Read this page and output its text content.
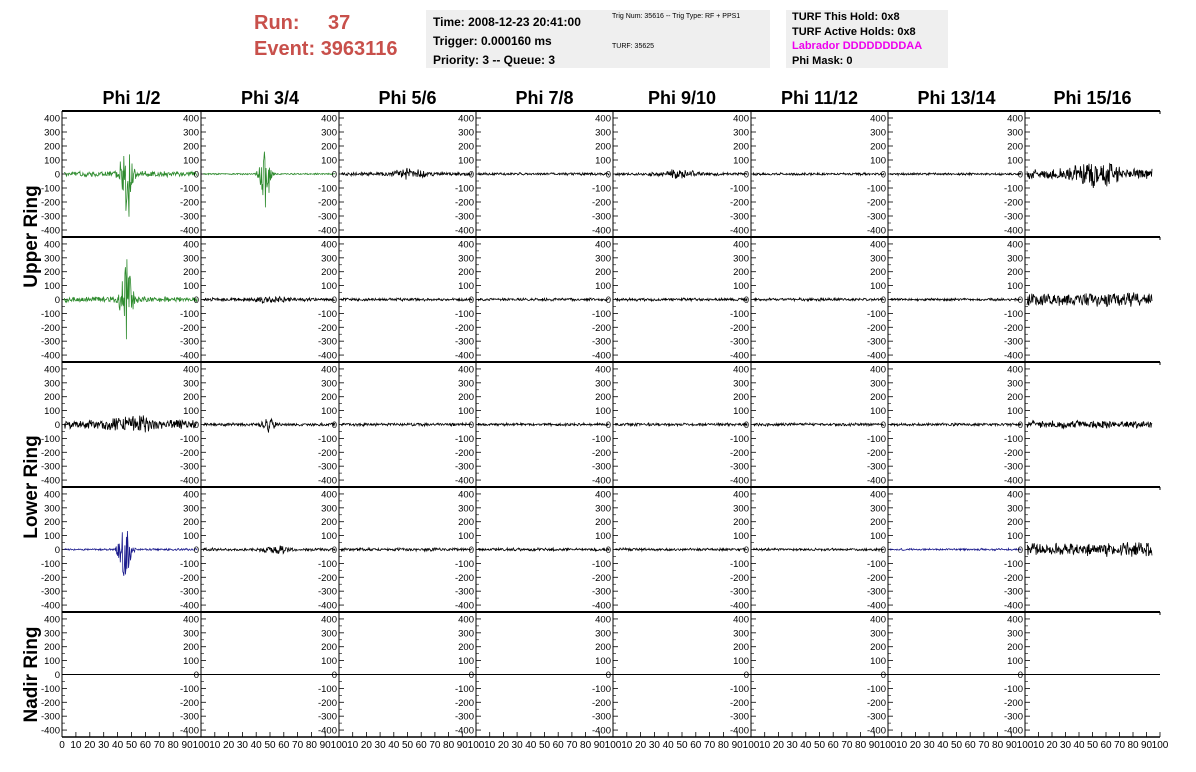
Run:	37
Event:
3963116
Time: 2008-12-23 20:41:00
Trigger: 0.000160 ms
Priority: 3 -- Queue: 3
Trig Num: 35616 -- Trig Type: RF + PPS1
TURF: 35625
TURF This Hold: 0x8
TURF Active Holds: 0x8
Labrador DDDDDDDDAA
Phi Mask: 0
Phi 1/2	Phi 3/4	Phi 5/6	Phi 7/8	Phi 9/10	Phi 11/12	Phi 13/14	Phi 15/16
Upper Ring
Lower Ring
Nadir Ring
-400
-300
-200
-100
0
100
200
300
400
-400
-300
-200
-100
0
100
200
300
400
-400
-300
-200
-100
0
100
200
300
400
-400
-300
-200
-100
0
100
200
300
400
-400
-300
-200
-100
0
100
200
300
400
-400
-300
-200
-100
0
100
200
300
400
-400
-300
-200
-100
0
100
200
300
400
-400
-300
-200
-100
0
100
200
300
400
-400
-300
-200
-100
0
100
200
300
400
-400
-300
-200
-100
0
100
200
300
400
-400
-300
-200
-100
0
100
200
300
400
-400
-300
-200
-100
0
100
200
300
400
-400
-300
-200
-100
0
100
200
300
400
-400
-300
-200
-100
0
100
200
300
400
-400
-300
-200
-100
0
100
200
300
400
-400
-300
-200
-100
0
100
200
300
400
-400
-300
-200
-100
0
100
200
300
400
-400
-300
-200
-100
0
100
200
300
400
-400
-300
-200
-100
0
100
200
300
400
-400
-300
-200
-100
0
100
200
300
400
-400
-300
-200
-100
0
100
200
300
400
-400
-300
-200
-100
0
100
200
300
400
-400
-300
-200
-100
0
100
200
300
400
-400
-300
-200
-100
0
100
200
300
400
-400
-300
-200
-100
0
100
200
300
400
-400
-300
-200
-100
0
100
200
300
400
-400
-300
-200
-100
0
100
200
300
400
-400
-300
-200
-100
0
100
200
300
400
-400
-300
-200
-100
0
100
200
300
400
-400
-300
-200
-100
0
100
200
300
400
-400
-300
-200
-100
0
100
200
300
400
-400
-300
-200
-100
0
100
200
300
400
-400
-300
-200
-100
0
100
200
300
400
-400
-300
-200
-100
0
100
200
300
400
-400
-300
-200
-100
0
100
200
300
400
-400
-300
-200
-100
0
100
200
300
400
-400
-300
-200
-100
0
100
200
300
400
-400
-300
-200
-100
0
100
200
300
400
-400
-300
-200
-100
0
100
200
300
400
-400
-300
-200
-100
0
100
200
300
400
0 10 20 30 40 50 60 70 80 90 100 10 20 30 40 50 60 70 80 90 100 10 20 30 40 50 60 70 80 90 100 10 20 30 40 50 60 70 80 90 100 10 20 30 40 50 60 70 80 90 100 10 20 30 40 50 60 70 80 90 100 10 20 30 40 50 60 70 80 90 100 10 20 30 40 50 60 70 80 90 100
